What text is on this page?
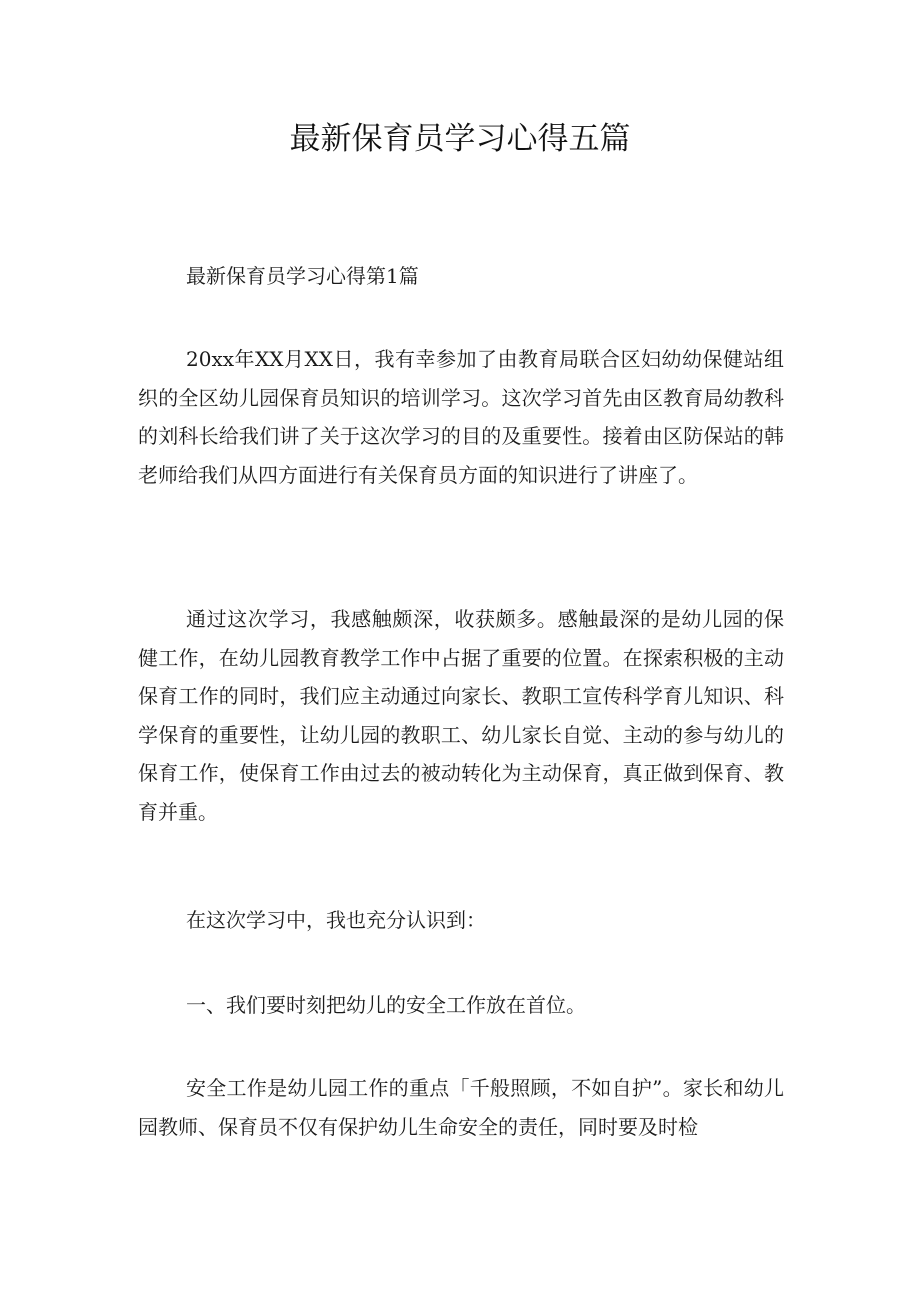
最新保育员学习心得五篇

最新保育员学习心得第1篇

20xx年XX月XX日，我有幸参加了由教育局联合区妇幼幼保健站组织的全区幼儿园保育员知识的培训学习。这次学习首先由区教育局幼教科的刘科长给我们讲了关于这次学习的目的及重要性。接着由区防保站的韩老师给我们从四方面进行有关保育员方面的知识进行了讲座了。

通过这次学习，我感触颇深，收获颇多。感触最深的是幼儿园的保健工作，在幼儿园教育教学工作中占据了重要的位置。在探索积极的主动保育工作的同时，我们应主动通过向家长、教职工宣传科学育儿知识、科学保育的重要性，让幼儿园的教职工、幼儿家长自觉、主动的参与幼儿的保育工作，使保育工作由过去的被动转化为主动保育，真正做到保育、教育并重。

在这次学习中，我也充分认识到：

一、我们要时刻把幼儿的安全工作放在首位。

安全工作是幼儿园工作的重点「千般照顾，不如自护”。家长和幼儿园教师、保育员不仅有保护幼儿生命安全的责任，同时要及时检
